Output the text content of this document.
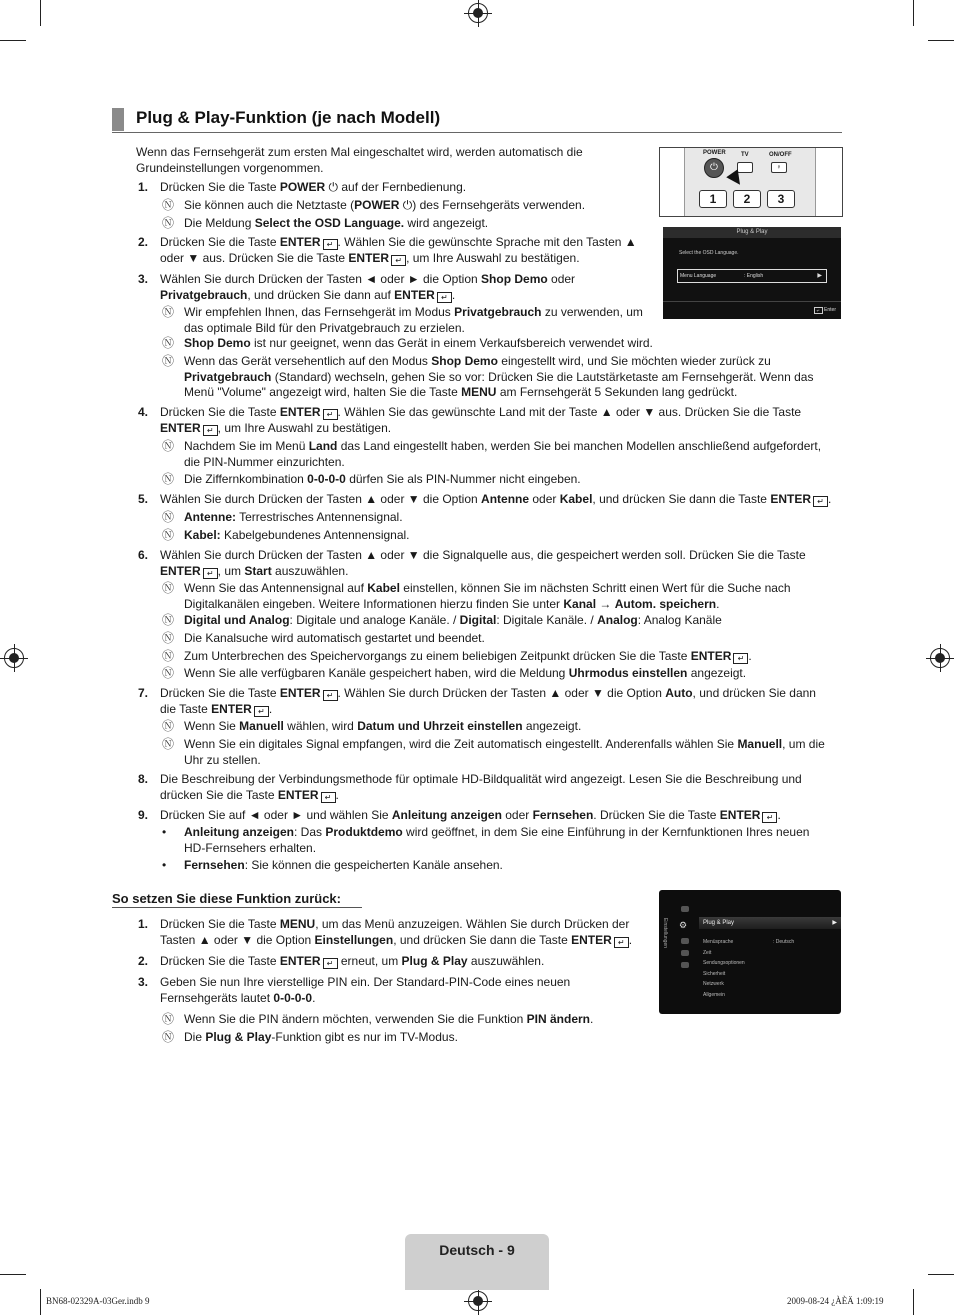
Plug & Play-Funktion (je nach Modell)
Wenn das Fernsehgerät zum ersten Mal eingeschaltet wird, werden automatisch die Grundeinstellungen vorgenommen.
POWER
⏻
TV	ON/OFF
♀
1	2	3
Plug & Play
Select the OSD Language.
Menu Language	: English	▶
↵ Enter
1. Drücken Sie die Taste POWER ⏻ auf der Fernbedienung.
Ⓝ Sie können auch die Netztaste (POWER ⏻) des Fernsehgeräts verwenden.
Ⓝ Die Meldung Select the OSD Language. wird angezeigt.
2. Drücken Sie die Taste ENTER ↵ . Wählen Sie die gewünschte Sprache mit den Tasten ▲ oder ▼ aus. Drücken Sie die Taste ENTER ↵ , um Ihre Auswahl zu bestätigen.
3. Wählen Sie durch Drücken der Tasten ◄ oder ► die Option Shop Demo oder Privatgebrauch, und drücken Sie dann auf ENTER ↵ .
Ⓝ Wir empfehlen Ihnen, das Fernsehgerät im Modus Privatgebrauch zu verwenden, um das optimale Bild für den Privatgebrauch zu erzielen.
Ⓝ Shop Demo ist nur geeignet, wenn das Gerät in einem Verkaufsbereich verwendet wird.
Ⓝ Wenn das Gerät versehentlich auf den Modus Shop Demo eingestellt wird, und Sie möchten wieder zurück zu Privatgebrauch (Standard) wechseln, gehen Sie so vor: Drücken Sie die Lautstärketaste am Fernsehgerät. Wenn das Menü "Volume" angezeigt wird, halten Sie die Taste MENU am Fernsehgerät 5 Sekunden lang gedrückt.
4. Drücken Sie die Taste ENTER ↵ . Wählen Sie das gewünschte Land mit der Taste ▲ oder ▼ aus. Drücken Sie die Taste ENTER ↵ , um Ihre Auswahl zu bestätigen.
Ⓝ Nachdem Sie im Menü Land das Land eingestellt haben, werden Sie bei manchen Modellen anschließend aufgefordert, die PIN-Nummer einzurichten.
Ⓝ Die Ziffernkombination 0-0-0-0 dürfen Sie als PIN-Nummer nicht eingeben.
5. Wählen Sie durch Drücken der Tasten ▲ oder ▼ die Option Antenne oder Kabel, und drücken Sie dann die Taste ENTER ↵ .
Ⓝ Antenne: Terrestrisches Antennensignal.
Ⓝ Kabel: Kabelgebundenes Antennensignal.
6. Wählen Sie durch Drücken der Tasten ▲ oder ▼ die Signalquelle aus, die gespeichert werden soll. Drücken Sie die Taste ENTER ↵ , um Start auszuwählen.
Ⓝ Wenn Sie das Antennensignal auf Kabel einstellen, können Sie im nächsten Schritt einen Wert für die Suche nach Digitalkanälen eingeben. Weitere Informationen hierzu finden Sie unter Kanal → Autom. speichern.
Ⓝ Digital und Analog: Digitale und analoge Kanäle. / Digital: Digitale Kanäle. / Analog: Analog Kanäle
Ⓝ Die Kanalsuche wird automatisch gestartet und beendet.
Ⓝ Zum Unterbrechen des Speichervorgangs zu einem beliebigen Zeitpunkt drücken Sie die Taste ENTER ↵ .
Ⓝ Wenn Sie alle verfügbaren Kanäle gespeichert haben, wird die Meldung Uhrmodus einstellen angezeigt.
7. Drücken Sie die Taste ENTER ↵ . Wählen Sie durch Drücken der Tasten ▲ oder ▼ die Option Auto, und drücken Sie dann die Taste ENTER ↵ .
Ⓝ Wenn Sie Manuell wählen, wird Datum und Uhrzeit einstellen angezeigt.
Ⓝ Wenn Sie ein digitales Signal empfangen, wird die Zeit automatisch eingestellt. Anderenfalls wählen Sie Manuell, um die Uhr zu stellen.
8. Die Beschreibung der Verbindungsmethode für optimale HD-Bildqualität wird angezeigt. Lesen Sie die Beschreibung und drücken Sie die Taste ENTER ↵ .
9. Drücken Sie auf ◄ oder ► und wählen Sie Anleitung anzeigen oder Fernsehen. Drücken Sie die Taste ENTER ↵ .
• Anleitung anzeigen: Das Produktdemo wird geöffnet, in dem Sie eine Einführung in der Kernfunktionen Ihres neuen HD-Fernsehers erhalten.
• Fernsehen: Sie können die gespeicherten Kanäle ansehen.
So setzen Sie diese Funktion zurück:
1. Drücken Sie die Taste MENU, um das Menü anzuzeigen. Wählen Sie durch Drücken der Tasten ▲ oder ▼ die Option Einstellungen, und drücken Sie dann die Taste ENTER ↵ .
2. Drücken Sie die Taste ENTER ↵ erneut, um Plug & Play auszuwählen.
3. Geben Sie nun Ihre vierstellige PIN ein. Der Standard-PIN-Code eines neuen Fernsehgeräts lautet 0-0-0-0.
Ⓝ Wenn Sie die PIN ändern möchten, verwenden Sie die Funktion PIN ändern.
Ⓝ Die Plug & Play-Funktion gibt es nur im TV-Modus.
Einstellungen ⚙	Plug & Play	▶
Menüsprache
Zeit
Sendungsoptionen
Sicherheit
Netzwerk
Allgemein
: Deutsch
Deutsch - 9
BN68-02329A-03Ger.indb 9	2009-08-24 ¿ÀÈÄ 1:09:19
